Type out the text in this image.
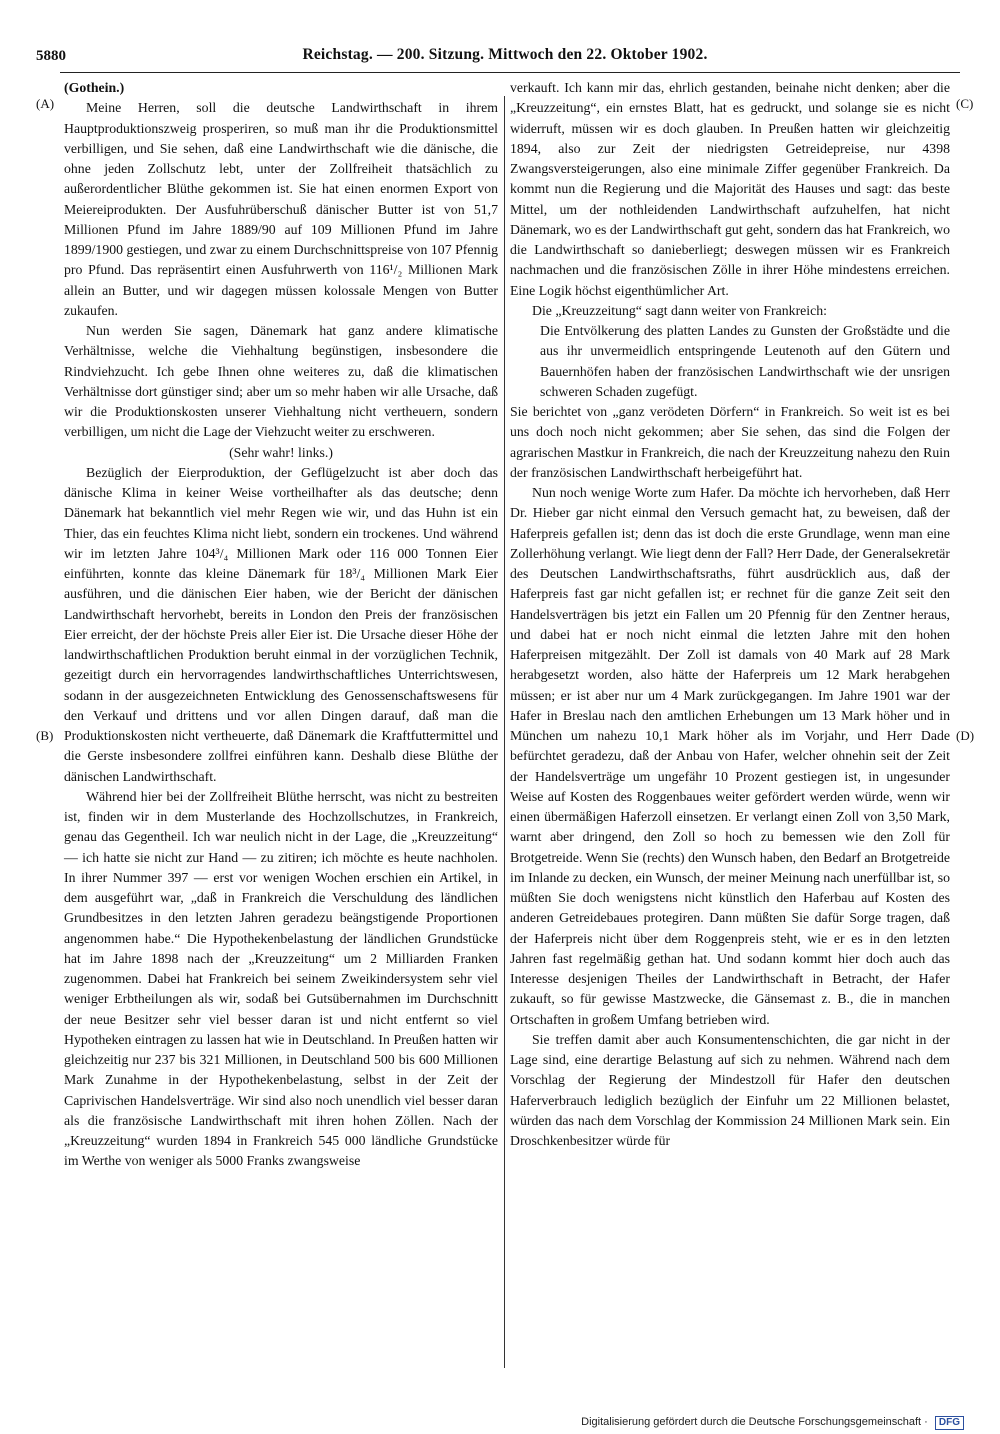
5880	Reichstag. — 200. Sitzung. Mittwoch den 22. Oktober 1902.
(A)
(B)
(C)
(D)

(Gothein.)

Meine Herren, soll die deutsche Landwirthschaft in ihrem Hauptproduktionszweig prosperiren, so muß man ihr die Produktionsmittel verbilligen, und Sie sehen, daß eine Landwirthschaft wie die dänische, die ohne jeden Zollschutz lebt, unter der Zollfreiheit thatsächlich zu außerordentlicher Blüthe gekommen ist. Sie hat einen enormen Export von Meiereiprodukten. Der Ausfuhrüberschuß dänischer Butter ist von 51,7 Millionen Pfund im Jahre 1889/90 auf 109 Millionen Pfund im Jahre 1899/1900 gestiegen, und zwar zu einem Durchschnittspreise von 107 Pfennig pro Pfund. Das repräsentirt einen Ausfuhrwerth von 116¹/₂ Millionen Mark allein an Butter, und wir dagegen müssen kolossale Mengen von Butter zukaufen.

Nun werden Sie sagen, Dänemark hat ganz andere klimatische Verhältnisse, welche die Viehhaltung begünstigen, insbesondere die Rindviehzucht. Ich gebe Ihnen ohne weiteres zu, daß die klimatischen Verhältnisse dort günstiger sind; aber um so mehr haben wir alle Ursache, daß wir die Produktionskosten unserer Viehhaltung nicht vertheuern, sondern verbilligen, um nicht die Lage der Viehzucht weiter zu erschweren.

(Sehr wahr! links.)

Bezüglich der Eierproduktion, der Geflügelzucht ist aber doch das dänische Klima in keiner Weise vortheilhafter als das deutsche; denn Dänemark hat bekanntlich viel mehr Regen wie wir, und das Huhn ist ein Thier, das ein feuchtes Klima nicht liebt, sondern ein trockenes. Und während wir im letzten Jahre 104³/₄ Millionen Mark oder 116 000 Tonnen Eier einführten, konnte das kleine Dänemark für 18³/₄ Millionen Mark Eier ausführen, und die dänischen Eier haben, wie der Bericht der dänischen Landwirthschaft hervorhebt, bereits in London den Preis der französischen Eier erreicht, der der höchste Preis aller Eier ist. Die Ursache dieser Höhe der landwirthschaftlichen Produktion beruht einmal in der vorzüglichen Technik, gezeitigt durch ein hervorragendes landwirthschaftliches Unterrichtswesen, sodann in der ausgezeichneten Entwicklung des Genossenschaftswesens für den Verkauf und drittens und vor allen Dingen darauf, daß man die Produktionskosten nicht vertheuerte, daß Dänemark die Kraftfuttermittel und die Gerste insbesondere zollfrei einführen kann. Deshalb diese Blüthe der dänischen Landwirthschaft.

Während hier bei der Zollfreiheit Blüthe herrscht, was nicht zu bestreiten ist, finden wir in dem Musterlande des Hochzollschutzes, in Frankreich, genau das Gegentheil. Ich war neulich nicht in der Lage, die „Kreuzzeitung“ — ich hatte sie nicht zur Hand — zu zitiren; ich möchte es heute nachholen. In ihrer Nummer 397 — erst vor wenigen Wochen erschien ein Artikel, in dem ausgeführt war, „daß in Frankreich die Verschuldung des ländlichen Grundbesitzes in den letzten Jahren geradezu beängstigende Proportionen angenommen habe.“ Die Hypothekenbelastung der ländlichen Grundstücke hat im Jahre 1898 nach der „Kreuzzeitung“ um 2 Milliarden Franken zugenommen. Dabei hat Frankreich bei seinem Zweikindersystem sehr viel weniger Erbtheilungen als wir, sodaß bei Gutsübernahmen im Durchschnitt der neue Besitzer sehr viel besser daran ist und nicht entfernt so viel Hypotheken eintragen zu lassen hat wie in Deutschland. In Preußen hatten wir gleichzeitig nur 237 bis 321 Millionen, in Deutschland 500 bis 600 Millionen Mark Zunahme in der Hypothekenbelastung, selbst in der Zeit der Caprivischen Handelsverträge. Wir sind also noch unendlich viel besser daran als die französische Landwirthschaft mit ihren hohen Zöllen. Nach der „Kreuzzeitung“ wurden 1894 in Frankreich 545 000 ländliche Grundstücke im Werthe von weniger als 5000 Franks zwangsweise

verkauft. Ich kann mir das, ehrlich gestanden, beinahe nicht denken; aber die „Kreuzzeitung“, ein ernstes Blatt, hat es gedruckt, und solange sie es nicht widerruft, müssen wir es doch glauben. In Preußen hatten wir gleichzeitig 1894, also zur Zeit der niedrigsten Getreidepreise, nur 4398 Zwangsversteigerungen, also eine minimale Ziffer gegenüber Frankreich. Da kommt nun die Regierung und die Majorität des Hauses und sagt: das beste Mittel, um der nothleidenden Landwirthschaft aufzuhelfen, hat nicht Dänemark, wo es der Landwirthschaft gut geht, sondern das hat Frankreich, wo die Landwirthschaft so danieberliegt; deswegen müssen wir es Frankreich nachmachen und die französischen Zölle in ihrer Höhe mindestens erreichen. Eine Logik höchst eigenthümlicher Art.

Die „Kreuzzeitung“ sagt dann weiter von Frankreich:

Die Entvölkerung des platten Landes zu Gunsten der Großstädte und die aus ihr unvermeidlich entspringende Leutenoth auf den Gütern und Bauernhöfen haben der französischen Landwirthschaft wie der unsrigen schweren Schaden zugefügt.

Sie berichtet von „ganz verödeten Dörfern“ in Frankreich. So weit ist es bei uns doch noch nicht gekommen; aber Sie sehen, das sind die Folgen der agrarischen Mastkur in Frankreich, die nach der Kreuzzeitung nahezu den Ruin der französischen Landwirthschaft herbeigeführt hat.

Nun noch wenige Worte zum Hafer. Da möchte ich hervorheben, daß Herr Dr. Hieber gar nicht einmal den Versuch gemacht hat, zu beweisen, daß der Haferpreis gefallen ist; denn das ist doch die erste Grundlage, wenn man eine Zollerhöhung verlangt. Wie liegt denn der Fall? Herr Dade, der Generalsekretär des Deutschen Landwirthschaftsraths, führt ausdrücklich aus, daß der Haferpreis fast gar nicht gefallen ist; er rechnet für die ganze Zeit seit den Handelsverträgen bis jetzt ein Fallen um 20 Pfennig für den Zentner heraus, und dabei hat er noch nicht einmal die letzten Jahre mit den hohen Haferpreisen mitgezählt. Der Zoll ist damals von 40 Mark auf 28 Mark herabgesetzt worden, also hätte der Haferpreis um 12 Mark herabgehen müssen; er ist aber nur um 4 Mark zurückgegangen. Im Jahre 1901 war der Hafer in Breslau nach den amtlichen Erhebungen um 13 Mark höher und in München um nahezu 10,1 Mark höher als im Vorjahr, und Herr Dade befürchtet geradezu, daß der Anbau von Hafer, welcher ohnehin seit der Zeit der Handelsverträge um ungefähr 10 Prozent gestiegen ist, in ungesunder Weise auf Kosten des Roggenbaues weiter gefördert werden würde, wenn wir einen übermäßigen Haferzoll einsetzen. Er verlangt einen Zoll von 3,50 Mark, warnt aber dringend, den Zoll so hoch zu bemessen wie den Zoll für Brotgetreide. Wenn Sie (rechts) den Wunsch haben, den Bedarf an Brotgetreide im Inlande zu decken, ein Wunsch, der meiner Meinung nach unerfüllbar ist, so müßten Sie doch wenigstens nicht künstlich den Haferbau auf Kosten des anderen Getreidebaues protegiren. Dann müßten Sie dafür Sorge tragen, daß der Haferpreis nicht über dem Roggenpreis steht, wie er es in den letzten Jahren fast regelmäßig gethan hat. Und sodann kommt hier doch auch das Interesse desjenigen Theiles der Landwirthschaft in Betracht, der Hafer zukauft, so für gewisse Mastzwecke, die Gänsemast z. B., die in manchen Ortschaften in großem Umfang betrieben wird.

Sie treffen damit aber auch Konsumentenschichten, die gar nicht in der Lage sind, eine derartige Belastung auf sich zu nehmen. Während nach dem Vorschlag der Regierung der Mindestzoll für Hafer den deutschen Haferverbrauch lediglich bezüglich der Einfuhr um 22 Millionen belastet, würden das nach dem Vorschlag der Kommission 24 Millionen Mark sein. Ein Droschkenbesitzer würde für

Digitalisierung gefördert durch die Deutsche Forschungsgemeinschaft · DFG
